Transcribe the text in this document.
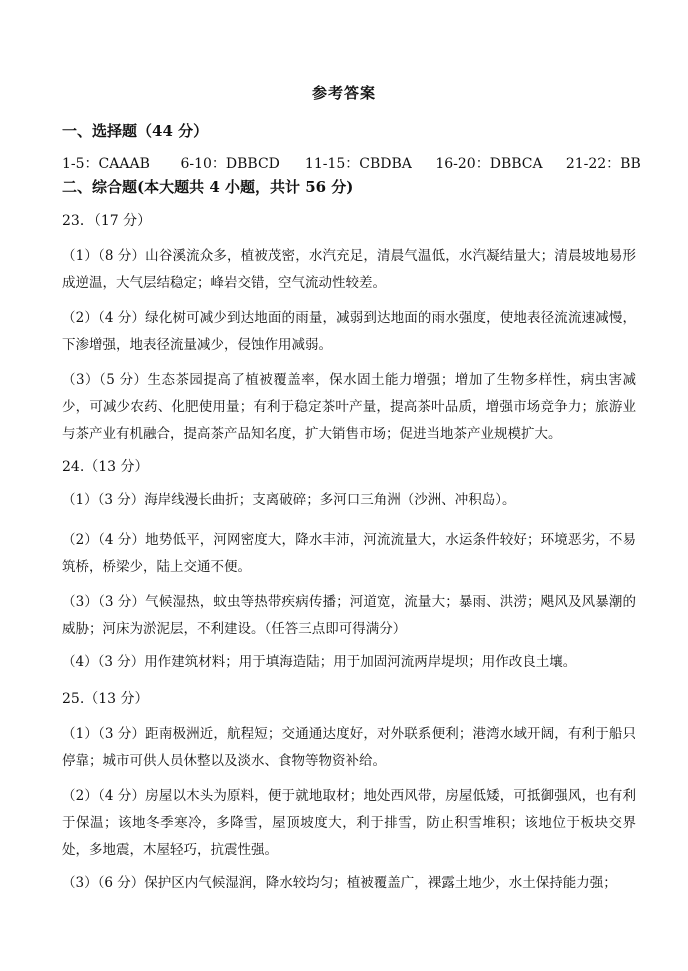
参考答案
一、选择题（44 分）
1-5：CAAAB 6-10：DBBCD 11-15：CBDBA 16-20：DBBCA 21-22：BB
二、综合题(本大题共 4 小题，共计 56 分)
23．（17 分）
（1）（8 分）山谷溪流众多，植被茂密，水汽充足，清晨气温低，水汽凝结量大；清晨坡地易形成逆温，大气层结稳定；峰岩交错，空气流动性较差。
（2）（4 分）绿化树可减少到达地面的雨量，减弱到达地面的雨水强度，使地表径流流速减慢，下渗增强，地表径流量减少，侵蚀作用减弱。
（3）（5 分）生态茶园提高了植被覆盖率，保水固土能力增强；增加了生物多样性，病虫害减少，可减少农药、化肥使用量；有利于稳定茶叶产量，提高茶叶品质，增强市场竞争力；旅游业与茶产业有机融合，提高茶产品知名度，扩大销售市场；促进当地茶产业规模扩大。
24.（13 分）
（1）（3 分）海岸线漫长曲折；支离破碎；多河口三角洲（沙洲、冲积岛）。
（2）（4 分）地势低平，河网密度大，降水丰沛，河流流量大，水运条件较好；环境恶劣，不易筑桥，桥梁少，陆上交通不便。
（3）（3 分）气候湿热，蚊虫等热带疾病传播；河道宽，流量大；暴雨、洪涝；飓风及风暴潮的威胁；河床为淤泥层，不利建设。（任答三点即可得满分）
（4）（3 分）用作建筑材料；用于填海造陆；用于加固河流两岸堤坝；用作改良土壤。
25.（13 分）
（1）（3 分）距南极洲近，航程短；交通通达度好，对外联系便利；港湾水域开阔，有利于船只停靠；城市可供人员休整以及淡水、食物等物资补给。
（2）（4 分）房屋以木头为原料，便于就地取材；地处西风带，房屋低矮，可抵御强风，也有利于保温；该地冬季寒冷，多降雪，屋顶坡度大，利于排雪，防止积雪堆积；该地位于板块交界处，多地震，木屋轻巧，抗震性强。
（3）（6 分）保护区内气候湿润，降水较均匀；植被覆盖广，裸露土地少，水土保持能力强；
